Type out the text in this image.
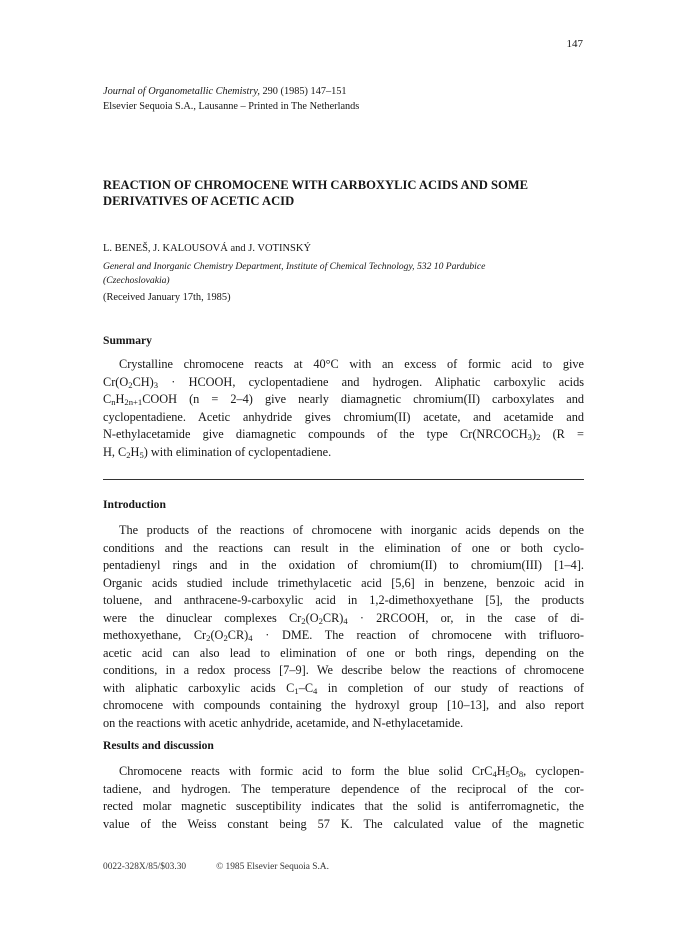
147
Journal of Organometallic Chemistry, 290 (1985) 147–151
Elsevier Sequoia S.A., Lausanne – Printed in The Netherlands
REACTION OF CHROMOCENE WITH CARBOXYLIC ACIDS AND SOME
DERIVATIVES OF ACETIC ACID
L. BENEŠ, J. KALOUSOVÁ and J. VOTINSKÝ
General and Inorganic Chemistry Department, Institute of Chemical Technology, 532 10 Pardubice
(Czechoslovakia)
(Received January 17th, 1985)
Summary
Crystalline chromocene reacts at 40°C with an excess of formic acid to give
$Cr(O_2CH)_3$ · HCOOH, cyclopentadiene and hydrogen. Aliphatic carboxylic acids
$C_nH_{2n+1}COOH$ (n = 2–4) give nearly diamagnetic chromium(II) carboxylates and
cyclopentadiene. Acetic anhydride gives chromium(II) acetate, and acetamide and
N-ethylacetamide give diamagnetic compounds of the type $Cr(NRCOCH_3)_2$ (R =
H, $C_2H_5$) with elimination of cyclopentadiene.
Introduction
The products of the reactions of chromocene with inorganic acids depends on the
conditions and the reactions can result in the elimination of one or both cyclo-
pentadienyl rings and in the oxidation of chromium(II) to chromium(III) [1–4].
Organic acids studied include trimethylacetic acid [5,6] in benzene, benzoic acid in
toluene, and anthracene-9-carboxylic acid in 1,2-dimethoxyethane [5], the products
were the dinuclear complexes $Cr_2(O_2CR)_4$ · 2RCOOH, or, in the case of di-
methoxyethane, $Cr_2(O_2CR)_4$ · DME. The reaction of chromocene with trifluoro-
acetic acid can also lead to elimination of one or both rings, depending on the
conditions, in a redox process [7–9]. We describe below the reactions of chromocene
with aliphatic carboxylic acids $C_1-C_4$ in completion of our study of reactions of
chromocene with compounds containing the hydroxyl group [10–13], and also report
on the reactions with acetic anhydride, acetamide, and N-ethylacetamide.
Results and discussion
Chromocene reacts with formic acid to form the blue solid $CrC_4H_5O_8$, cyclopen-
tadiene, and hydrogen. The temperature dependence of the reciprocal of the cor-
rected molar magnetic susceptibility indicates that the solid is antiferromagnetic, the
value of the Weiss constant being 57 K. The calculated value of the magnetic
0022-328X/85/$03.30	© 1985 Elsevier Sequoia S.A.
